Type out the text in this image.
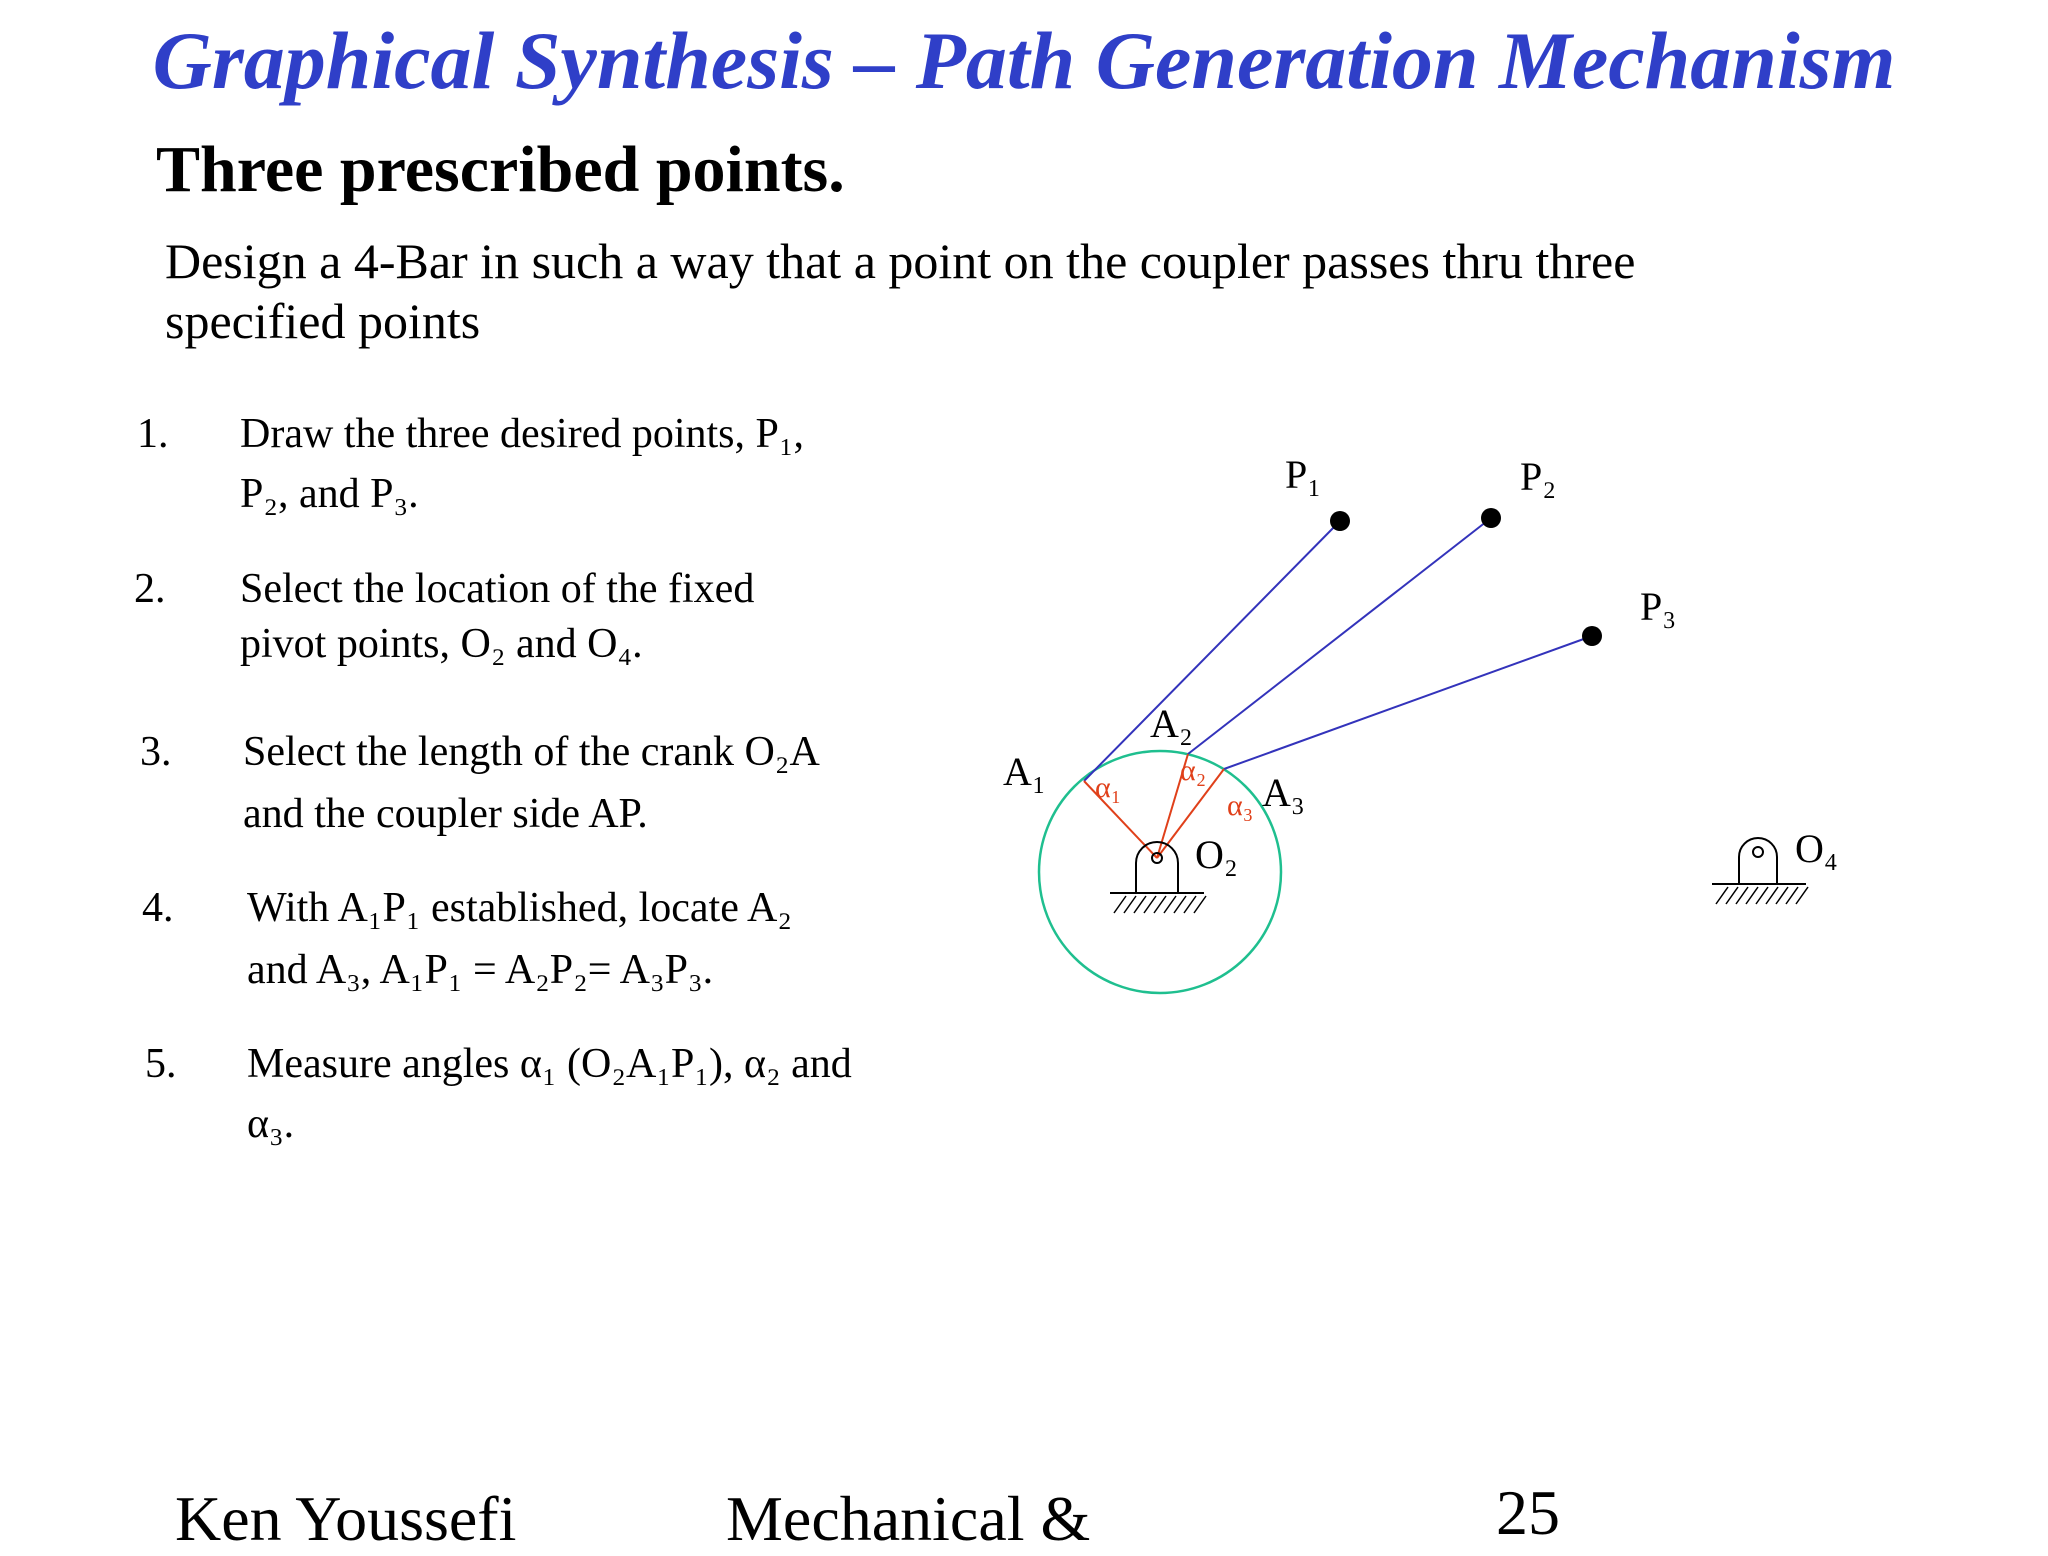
Graphical Synthesis – Path Generation Mechanism
Three prescribed points.
Design a 4-Bar in such a way that a point on the coupler passes thru three
specified points
1. Draw the three desired points, P₁,
P₂, and P₃.
2. Select the location of the fixed
pivot points, O₂ and O₄.
3. Select the length of the crank O₂A
and the coupler side AP.
4. With A₁P₁ established, locate A₂
and A₃, A₁P₁ = A₂P₂= A₃P₃.
5. Measure angles α₁ (O₂A₁P₁), α₂ and
α₃.
P₁	P₂
P₃
A₁
A₂
A₃
O₂	O₄
α₁
α₂
α₃
Ken Youssefi	Mechanical &	25
